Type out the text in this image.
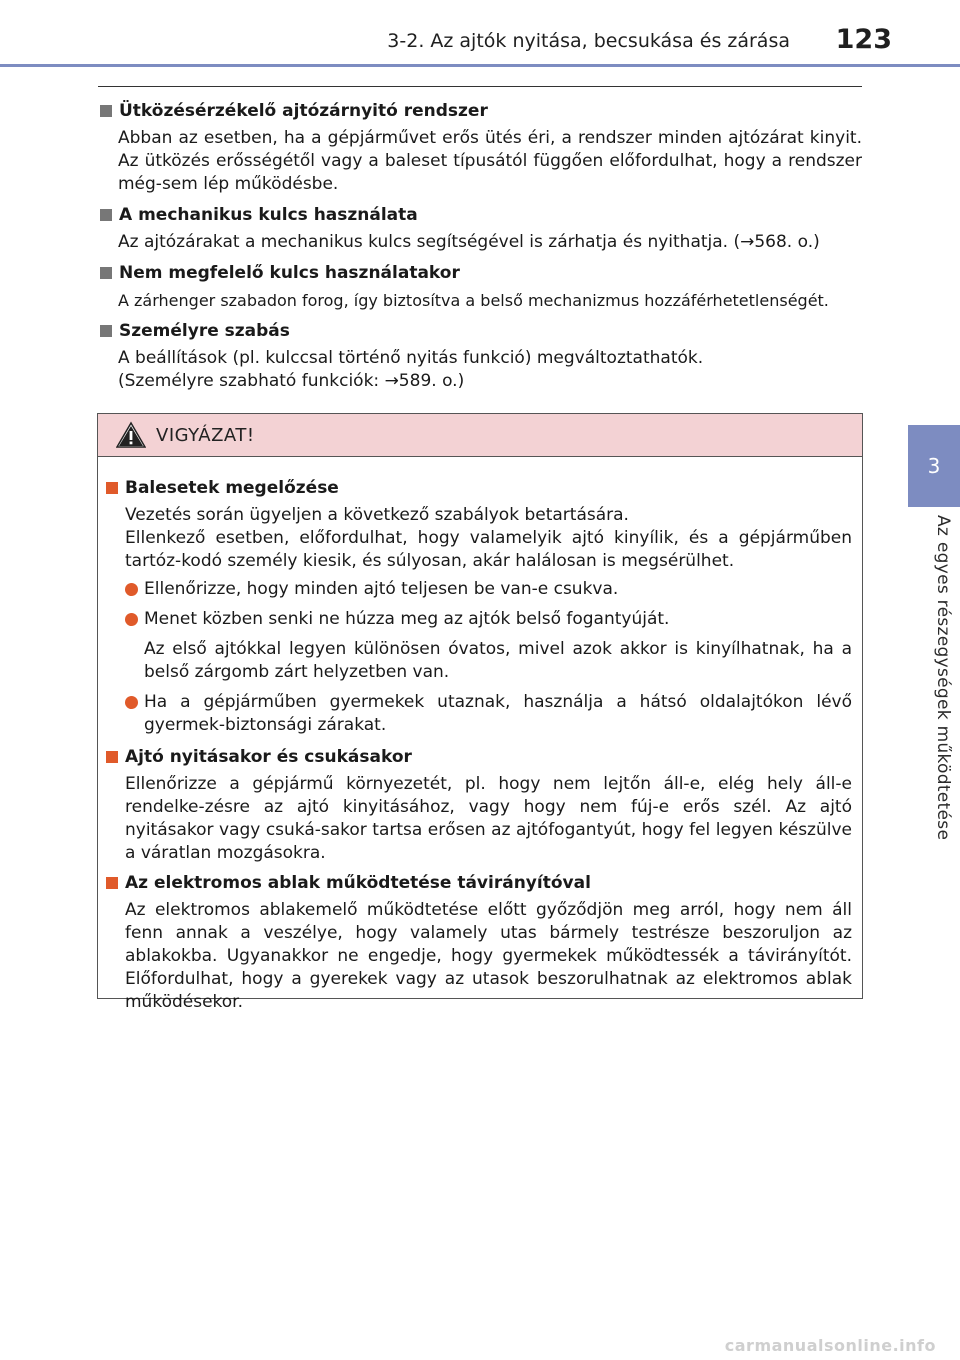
3-2. Az ajtók nyitása, becsukása és zárása 123
3
Az egyes részegységek működtetése
Ütközésérzékelő ajtózárnyitó rendszer
Abban az esetben, ha a gépjárművet erős ütés éri, a rendszer minden ajtózárat kinyit. Az ütközés erősségétől vagy a baleset típusától függően előfordulhat, hogy a rendszer még-sem lép működésbe.
A mechanikus kulcs használata
Az ajtózárakat a mechanikus kulcs segítségével is zárhatja és nyithatja. (→568. o.)
Nem megfelelő kulcs használatakor
A zárhenger szabadon forog, így biztosítva a belső mechanizmus hozzáférhetetlenségét.
Személyre szabás

A beállítások (pl. kulccsal történő nyitás funkció) megváltoztathatók.

(Személyre szabható funkciók: →589. o.)

VIGYÁZAT!
Balesetek megelőzése

Vezetés során ügyeljen a következő szabályok betartására.

Ellenkező esetben, előfordulhat, hogy valamelyik ajtó kinyílik, és a gépjárműben tartóz-kodó személy kiesik, és súlyosan, akár halálosan is megsérülhet.

Ellenőrizze, hogy minden ajtó teljesen be van-e csukva.
Menet közben senki ne húzza meg az ajtók belső fogantyúját.
Az első ajtókkal legyen különösen óvatos, mivel azok akkor is kinyílhatnak, ha a belső zárgomb zárt helyzetben van.
Ha a gépjárműben gyermekek utaznak, használja a hátsó oldalajtókon lévő gyermek-biztonsági zárakat.
Ajtó nyitásakor és csukásakor
Ellenőrizze a gépjármű környezetét, pl. hogy nem lejtőn áll-e, elég hely áll-e rendelke-zésre az ajtó kinyitásához, vagy hogy nem fúj-e erős szél. Az ajtó nyitásakor vagy csuká-sakor tartsa erősen az ajtófogantyút, hogy fel legyen készülve a váratlan mozgásokra.
Az elektromos ablak működtetése távirányítóval
Az elektromos ablakemelő működtetése előtt győződjön meg arról, hogy nem áll fenn annak a veszélye, hogy valamely utas bármely testrésze beszoruljon az ablakokba. Ugyanakkor ne engedje, hogy gyermekek működtessék a távirányítót. Előfordulhat, hogy a gyerekek vagy az utasok beszorulhatnak az elektromos ablak működésekor.
carmanualsonline.info
